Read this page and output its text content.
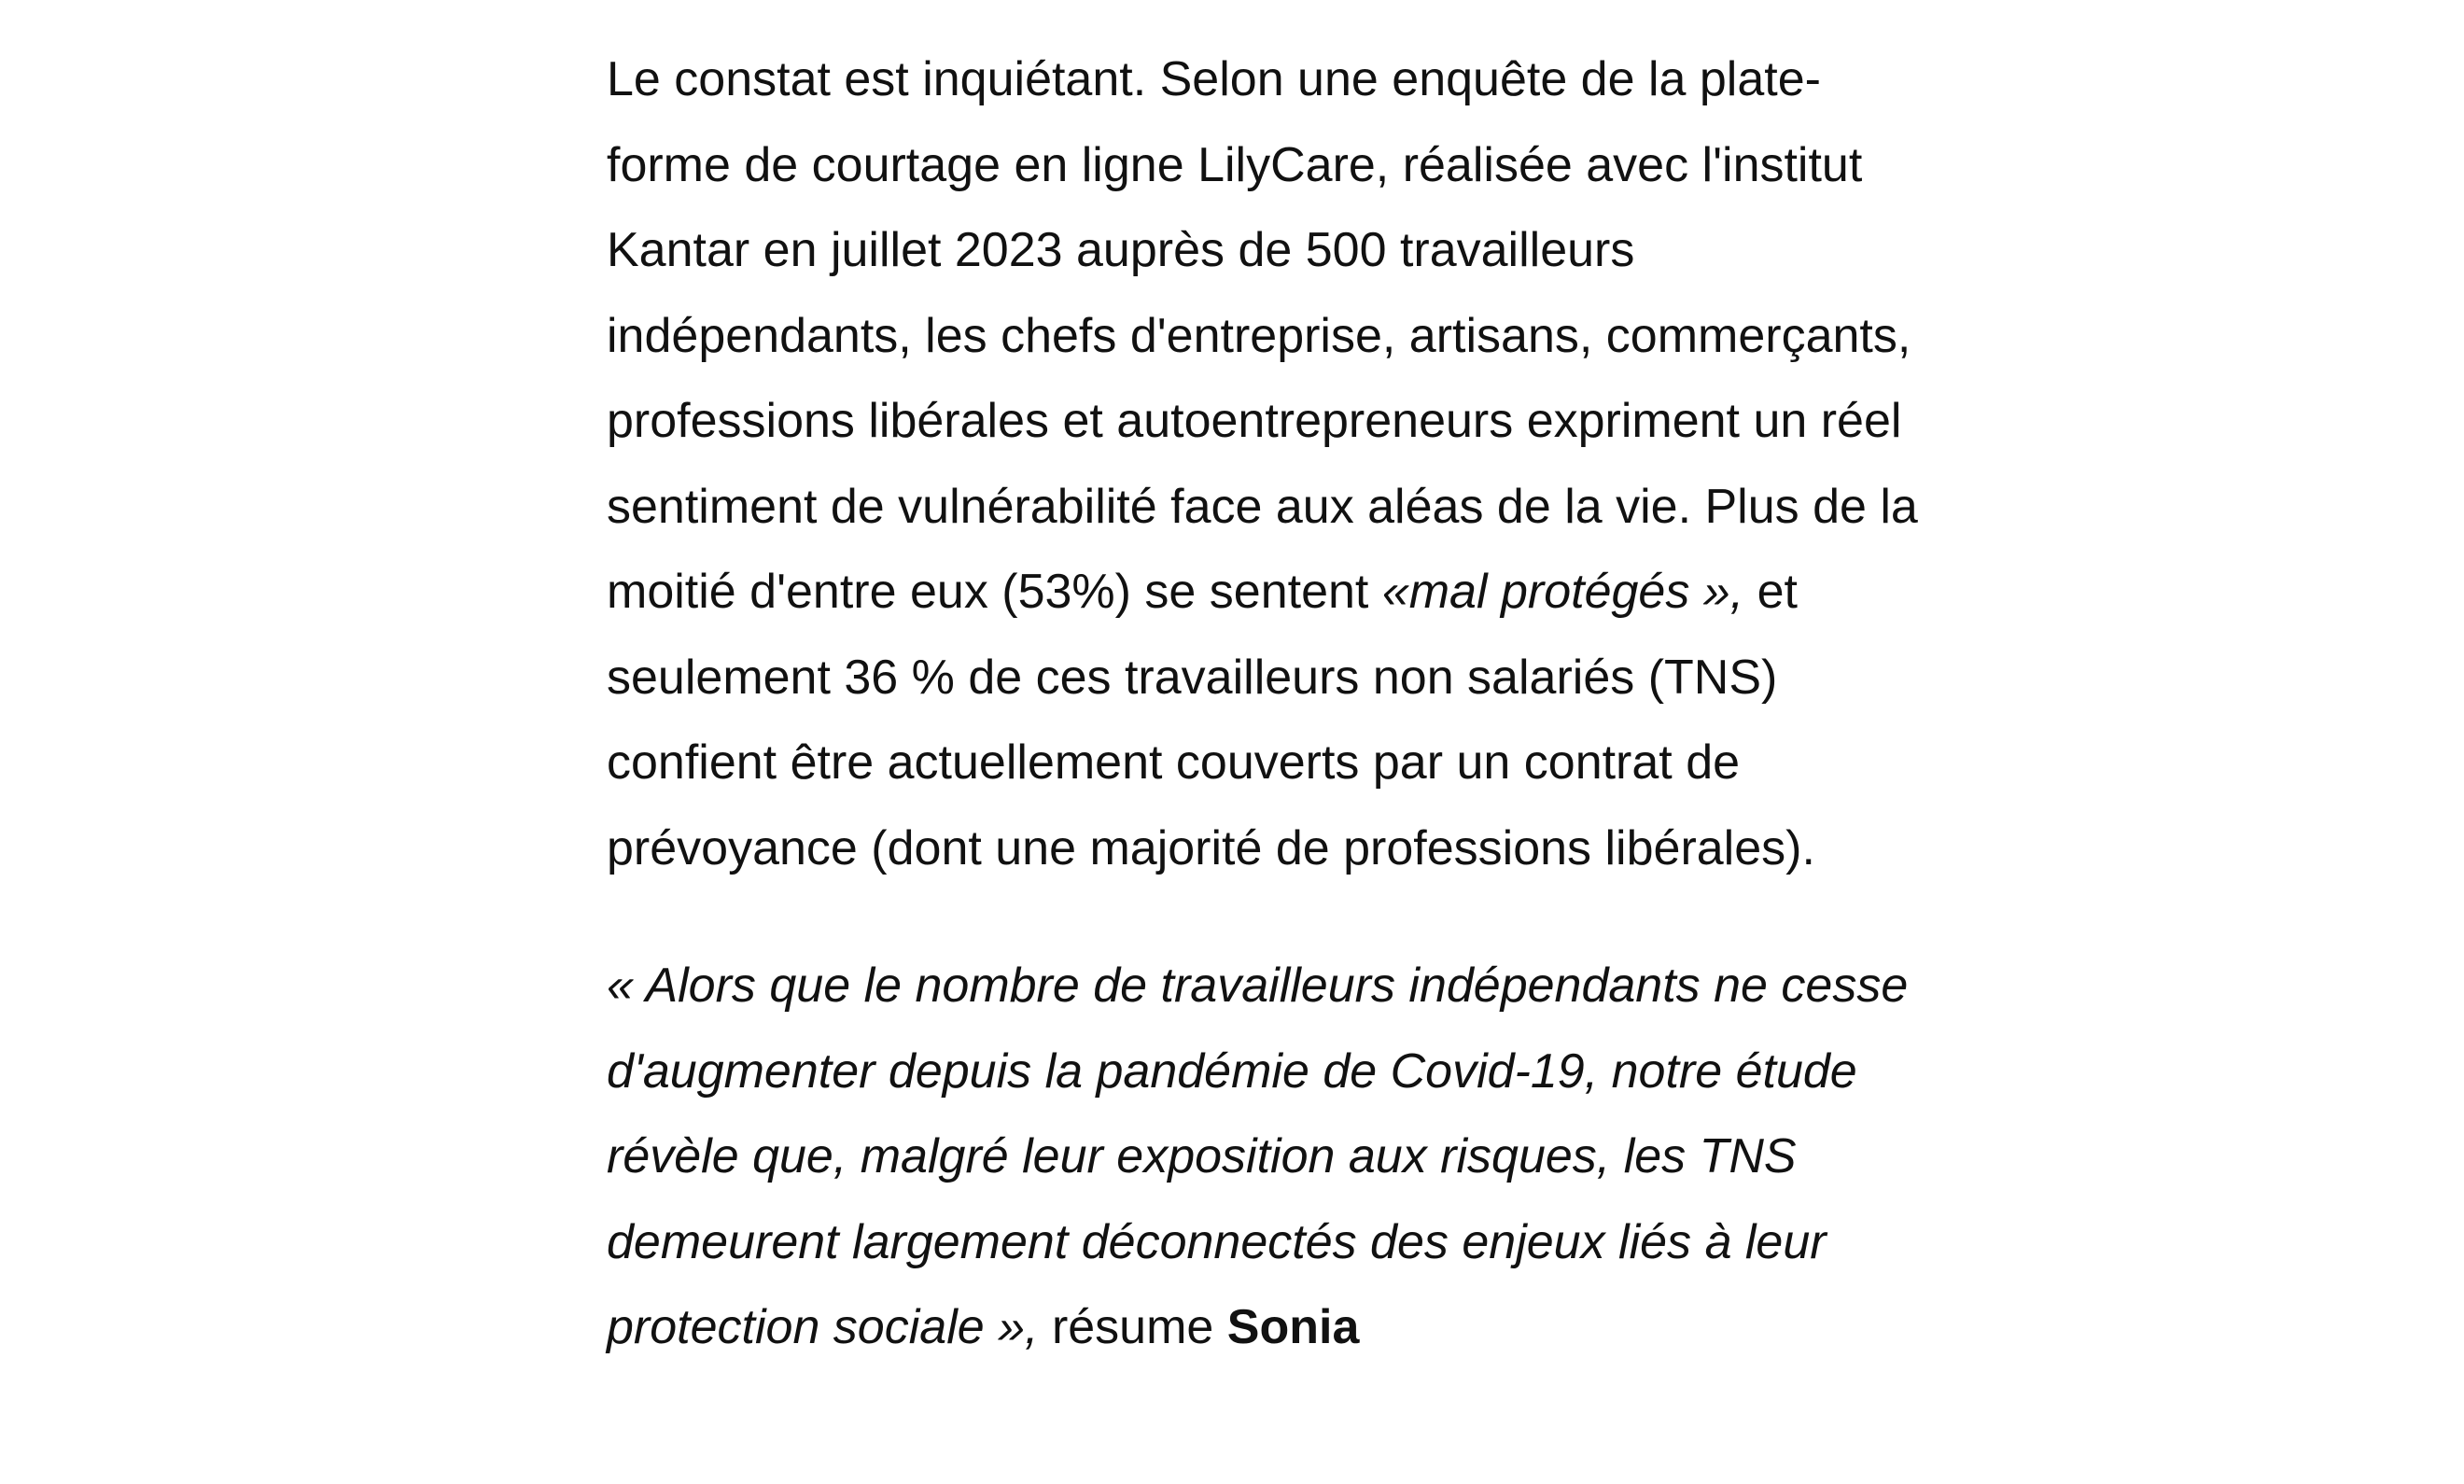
Le constat est inquiétant. Selon une enquête de la plate-forme de courtage en ligne LilyCare, réalisée avec l'institut Kantar en juillet 2023 auprès de 500 travailleurs indépendants, les chefs d'entreprise, artisans, commerçants, professions libérales et autoentrepreneurs expriment un réel sentiment de vulnérabilité face aux aléas de la vie. Plus de la moitié d'entre eux (53%) se sentent «mal protégés », et seulement 36 % de ces travailleurs non salariés (TNS) confient être actuellement couverts par un contrat de prévoyance (dont une majorité de professions libérales).

« Alors que le nombre de travailleurs indépendants ne cesse d'augmenter depuis la pandémie de Covid-19, notre étude révèle que, malgré leur exposition aux risques, les TNS demeurent largement déconnectés des enjeux liés à leur protection sociale », résume Sonia
